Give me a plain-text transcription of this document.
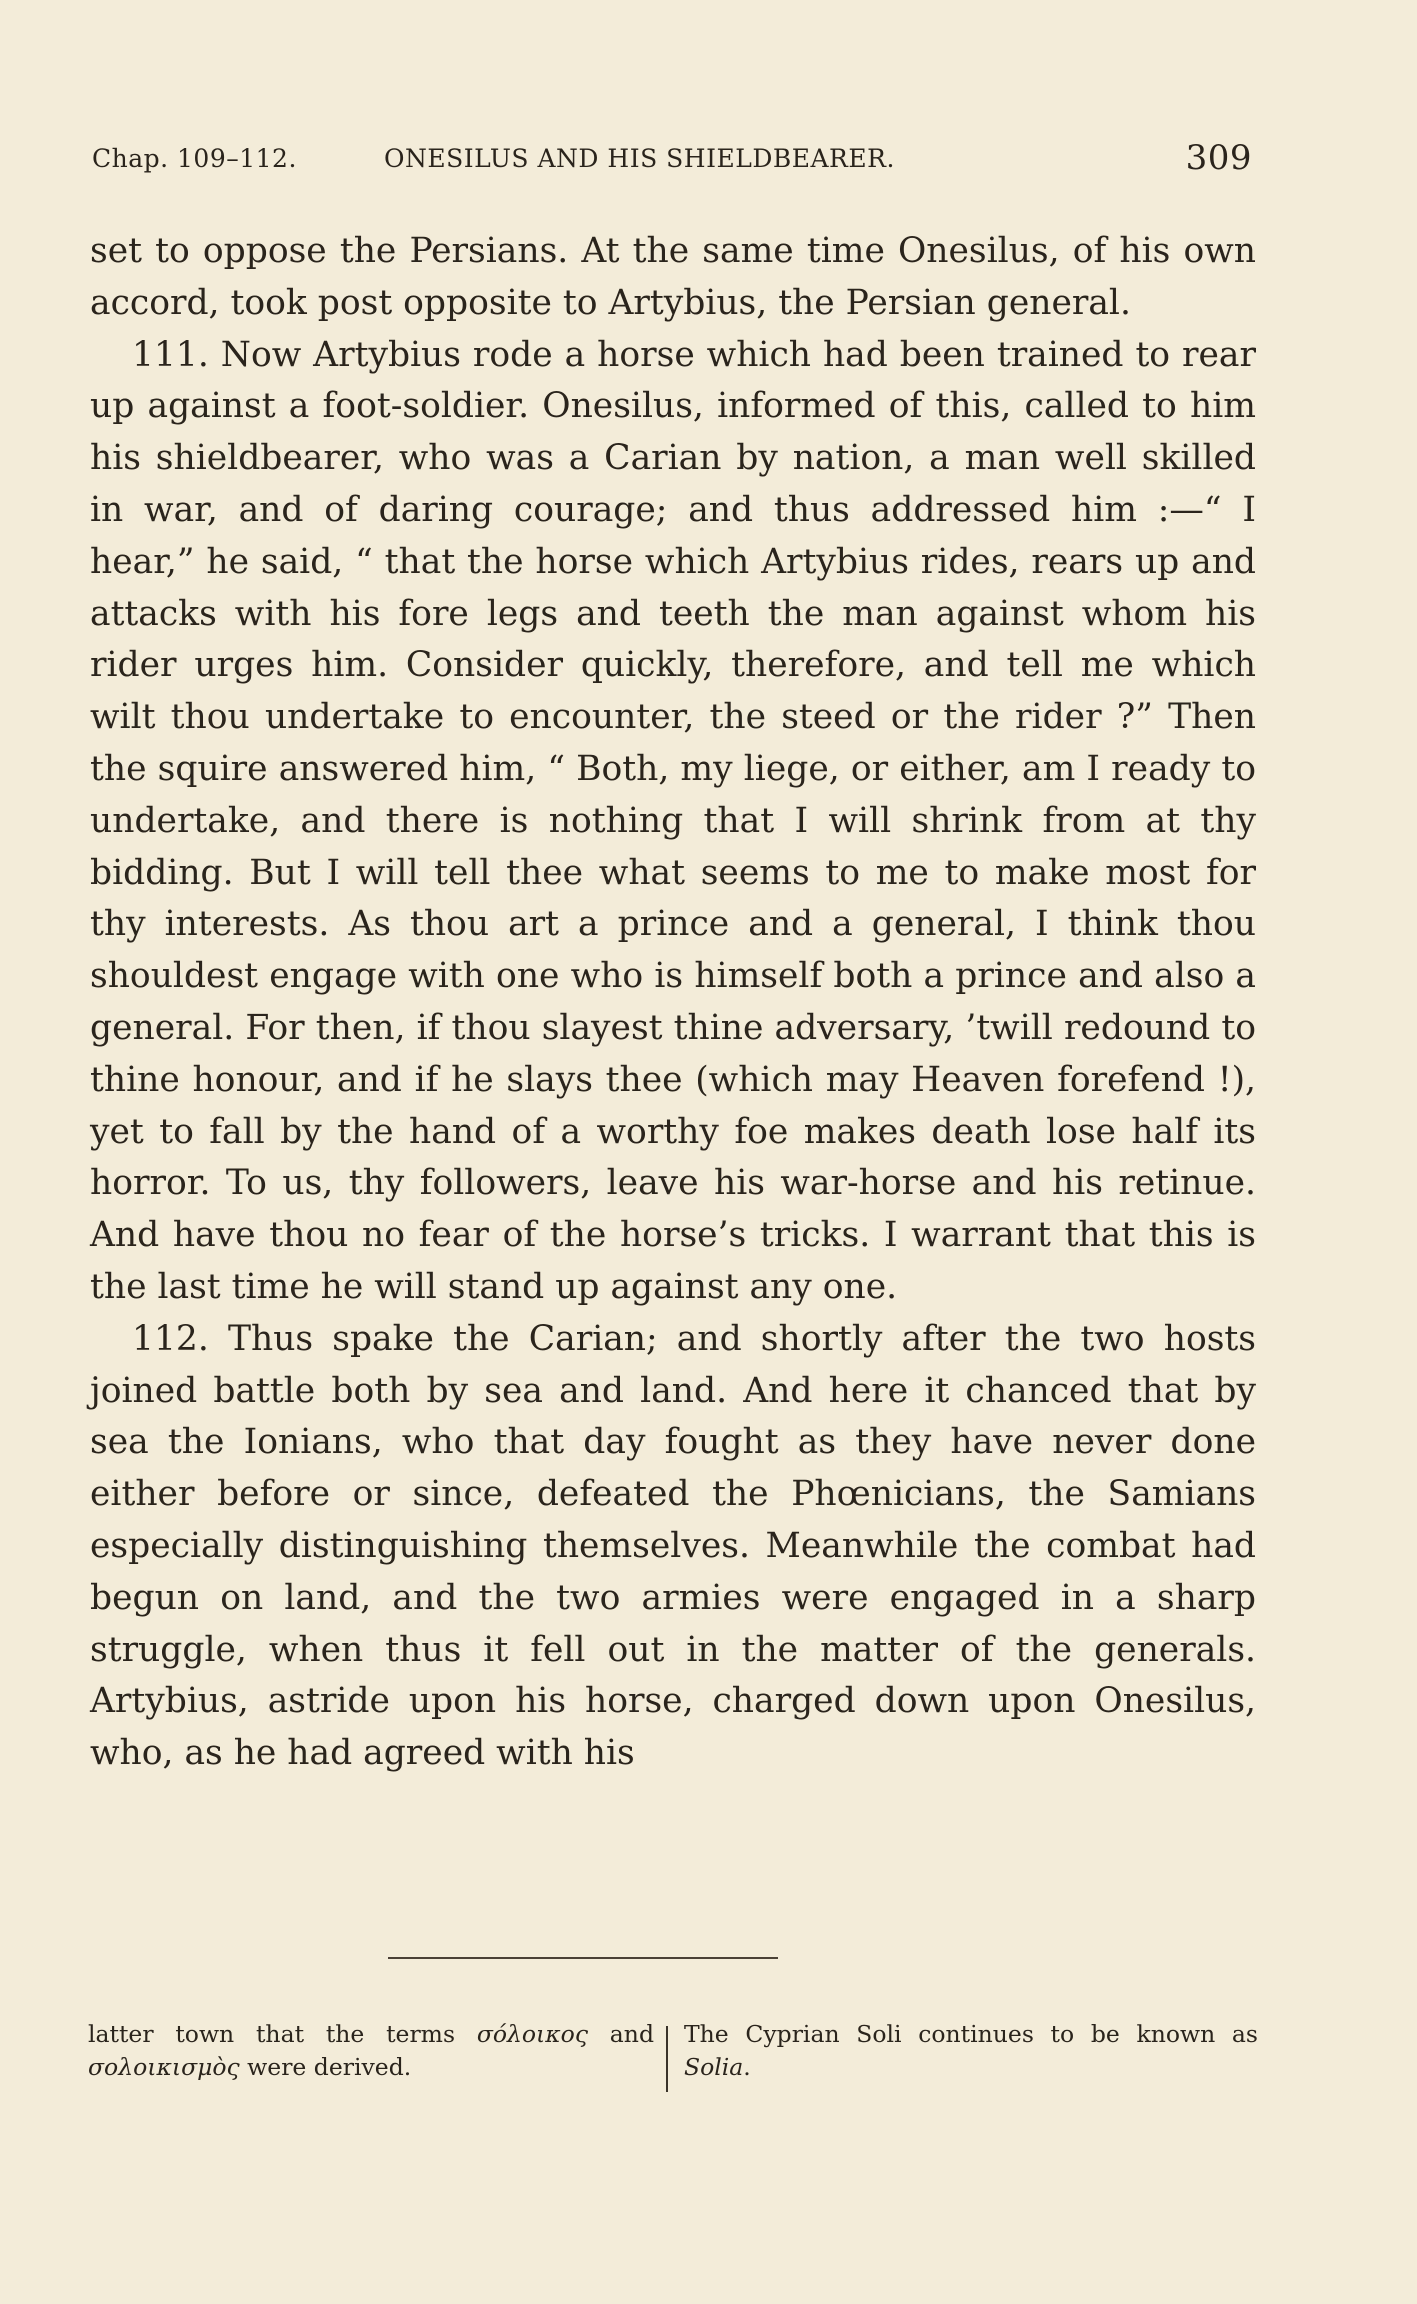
Chap. 109–112.	ONESILUS AND HIS SHIELDBEARER.	309

set to oppose the Persians. At the same time Onesilus, of his own accord, took post opposite to Artybius, the Persian general.

111. Now Artybius rode a horse which had been trained to rear up against a foot-soldier. Onesilus, informed of this, called to him his shieldbearer, who was a Carian by nation, a man well skilled in war, and of daring courage; and thus addressed him :—“ I hear,” he said, “ that the horse which Artybius rides, rears up and attacks with his fore legs and teeth the man against whom his rider urges him. Consider quickly, therefore, and tell me which wilt thou undertake to encounter, the steed or the rider ?” Then the squire answered him, “ Both, my liege, or either, am I ready to undertake, and there is nothing that I will shrink from at thy bidding. But I will tell thee what seems to me to make most for thy interests. As thou art a prince and a general, I think thou shouldest engage with one who is himself both a prince and also a general. For then, if thou slayest thine adversary, ’twill redound to thine honour, and if he slays thee (which may Heaven forefend !), yet to fall by the hand of a worthy foe makes death lose half its horror. To us, thy followers, leave his war-horse and his retinue. And have thou no fear of the horse’s tricks. I warrant that this is the last time he will stand up against any one.

112. Thus spake the Carian; and shortly after the two hosts joined battle both by sea and land. And here it chanced that by sea the Ionians, who that day fought as they have never done either before or since, defeated the Phœnicians, the Samians especially distinguishing themselves. Meanwhile the combat had begun on land, and the two armies were engaged in a sharp struggle, when thus it fell out in the matter of the generals. Artybius, astride upon his horse, charged down upon Onesilus, who, as he had agreed with his

latter town that the terms σόλοικος and σολοικισμὸς were derived.
The Cyprian Soli continues to be known as Solia.
